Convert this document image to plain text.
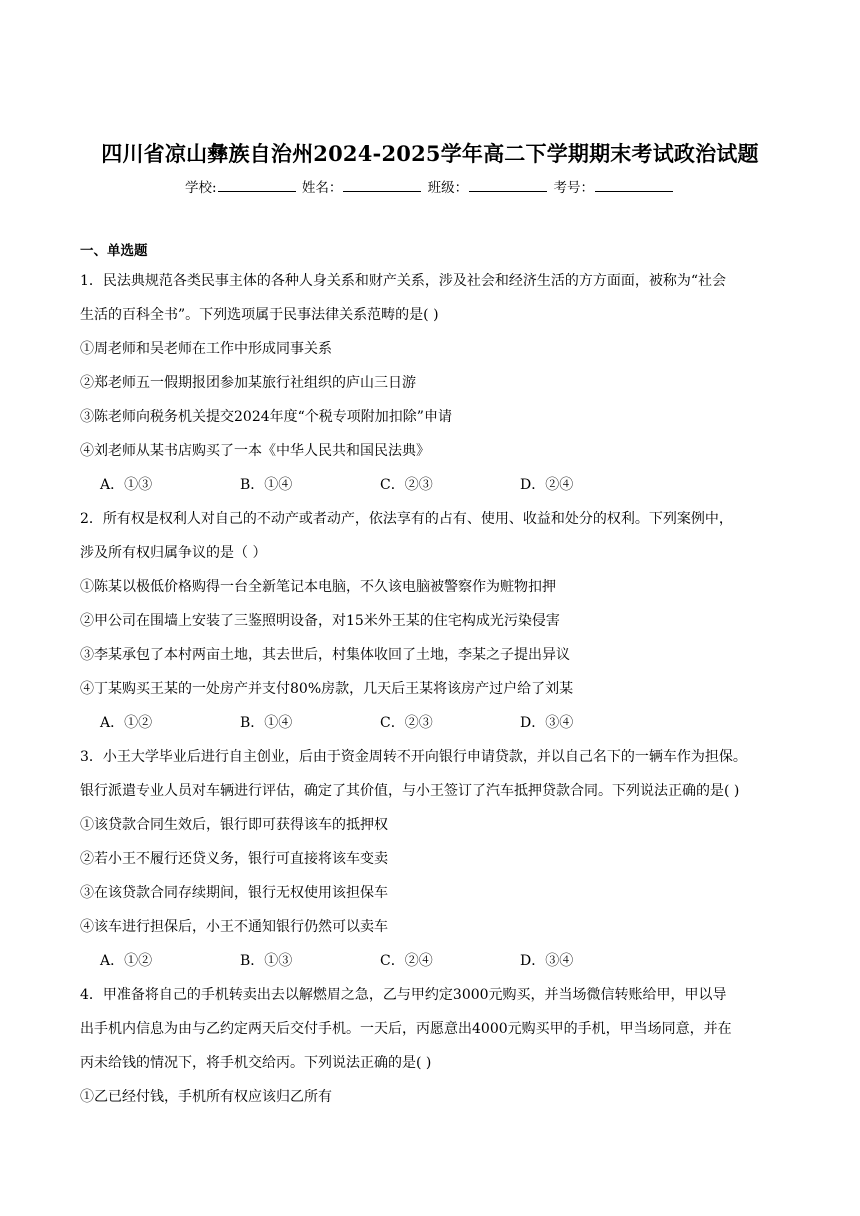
四川省凉山彝族自治州2024-2025学年高二下学期期末考试政治试题
学校:	姓名：	班级：	考号：
一、单选题
1．民法典规范各类民事主体的各种人身关系和财产关系，涉及社会和经济生活的方方面面，被称为“社会
生活的百科全书”。下列选项属于民事法律关系范畴的是( )
①周老师和吴老师在工作中形成同事关系
②郑老师五一假期报团参加某旅行社组织的庐山三日游
③陈老师向税务机关提交2024年度“个税专项附加扣除”申请
④刘老师从某书店购买了一本《中华人民共和国民法典》
A．①③	B．①④	C．②③	D．②④
2．所有权是权利人对自己的不动产或者动产，依法享有的占有、使用、收益和处分的权利。下列案例中，
涉及所有权归属争议的是（ ）
①陈某以极低价格购得一台全新笔记本电脑，不久该电脑被警察作为赃物扣押
②甲公司在围墙上安装了三鉴照明设备，对15米外王某的住宅构成光污染侵害
③李某承包了本村两亩土地，其去世后，村集体收回了土地，李某之子提出异议
④丁某购买王某的一处房产并支付80%房款，几天后王某将该房产过户给了刘某
A．①②	B．①④	C．②③	D．③④
3．小王大学毕业后进行自主创业，后由于资金周转不开向银行申请贷款，并以自己名下的一辆车作为担保。
银行派遣专业人员对车辆进行评估，确定了其价值，与小王签订了汽车抵押贷款合同。下列说法正确的是( )
①该贷款合同生效后，银行即可获得该车的抵押权
②若小王不履行还贷义务，银行可直接将该车变卖
③在该贷款合同存续期间，银行无权使用该担保车
④该车进行担保后，小王不通知银行仍然可以卖车
A．①②	B．①③	C．②④	D．③④
4．甲准备将自己的手机转卖出去以解燃眉之急，乙与甲约定3000元购买，并当场微信转账给甲，甲以导
出手机内信息为由与乙约定两天后交付手机。一天后，丙愿意出4000元购买甲的手机，甲当场同意，并在
丙未给钱的情况下，将手机交给丙。下列说法正确的是( )
①乙已经付钱，手机所有权应该归乙所有
